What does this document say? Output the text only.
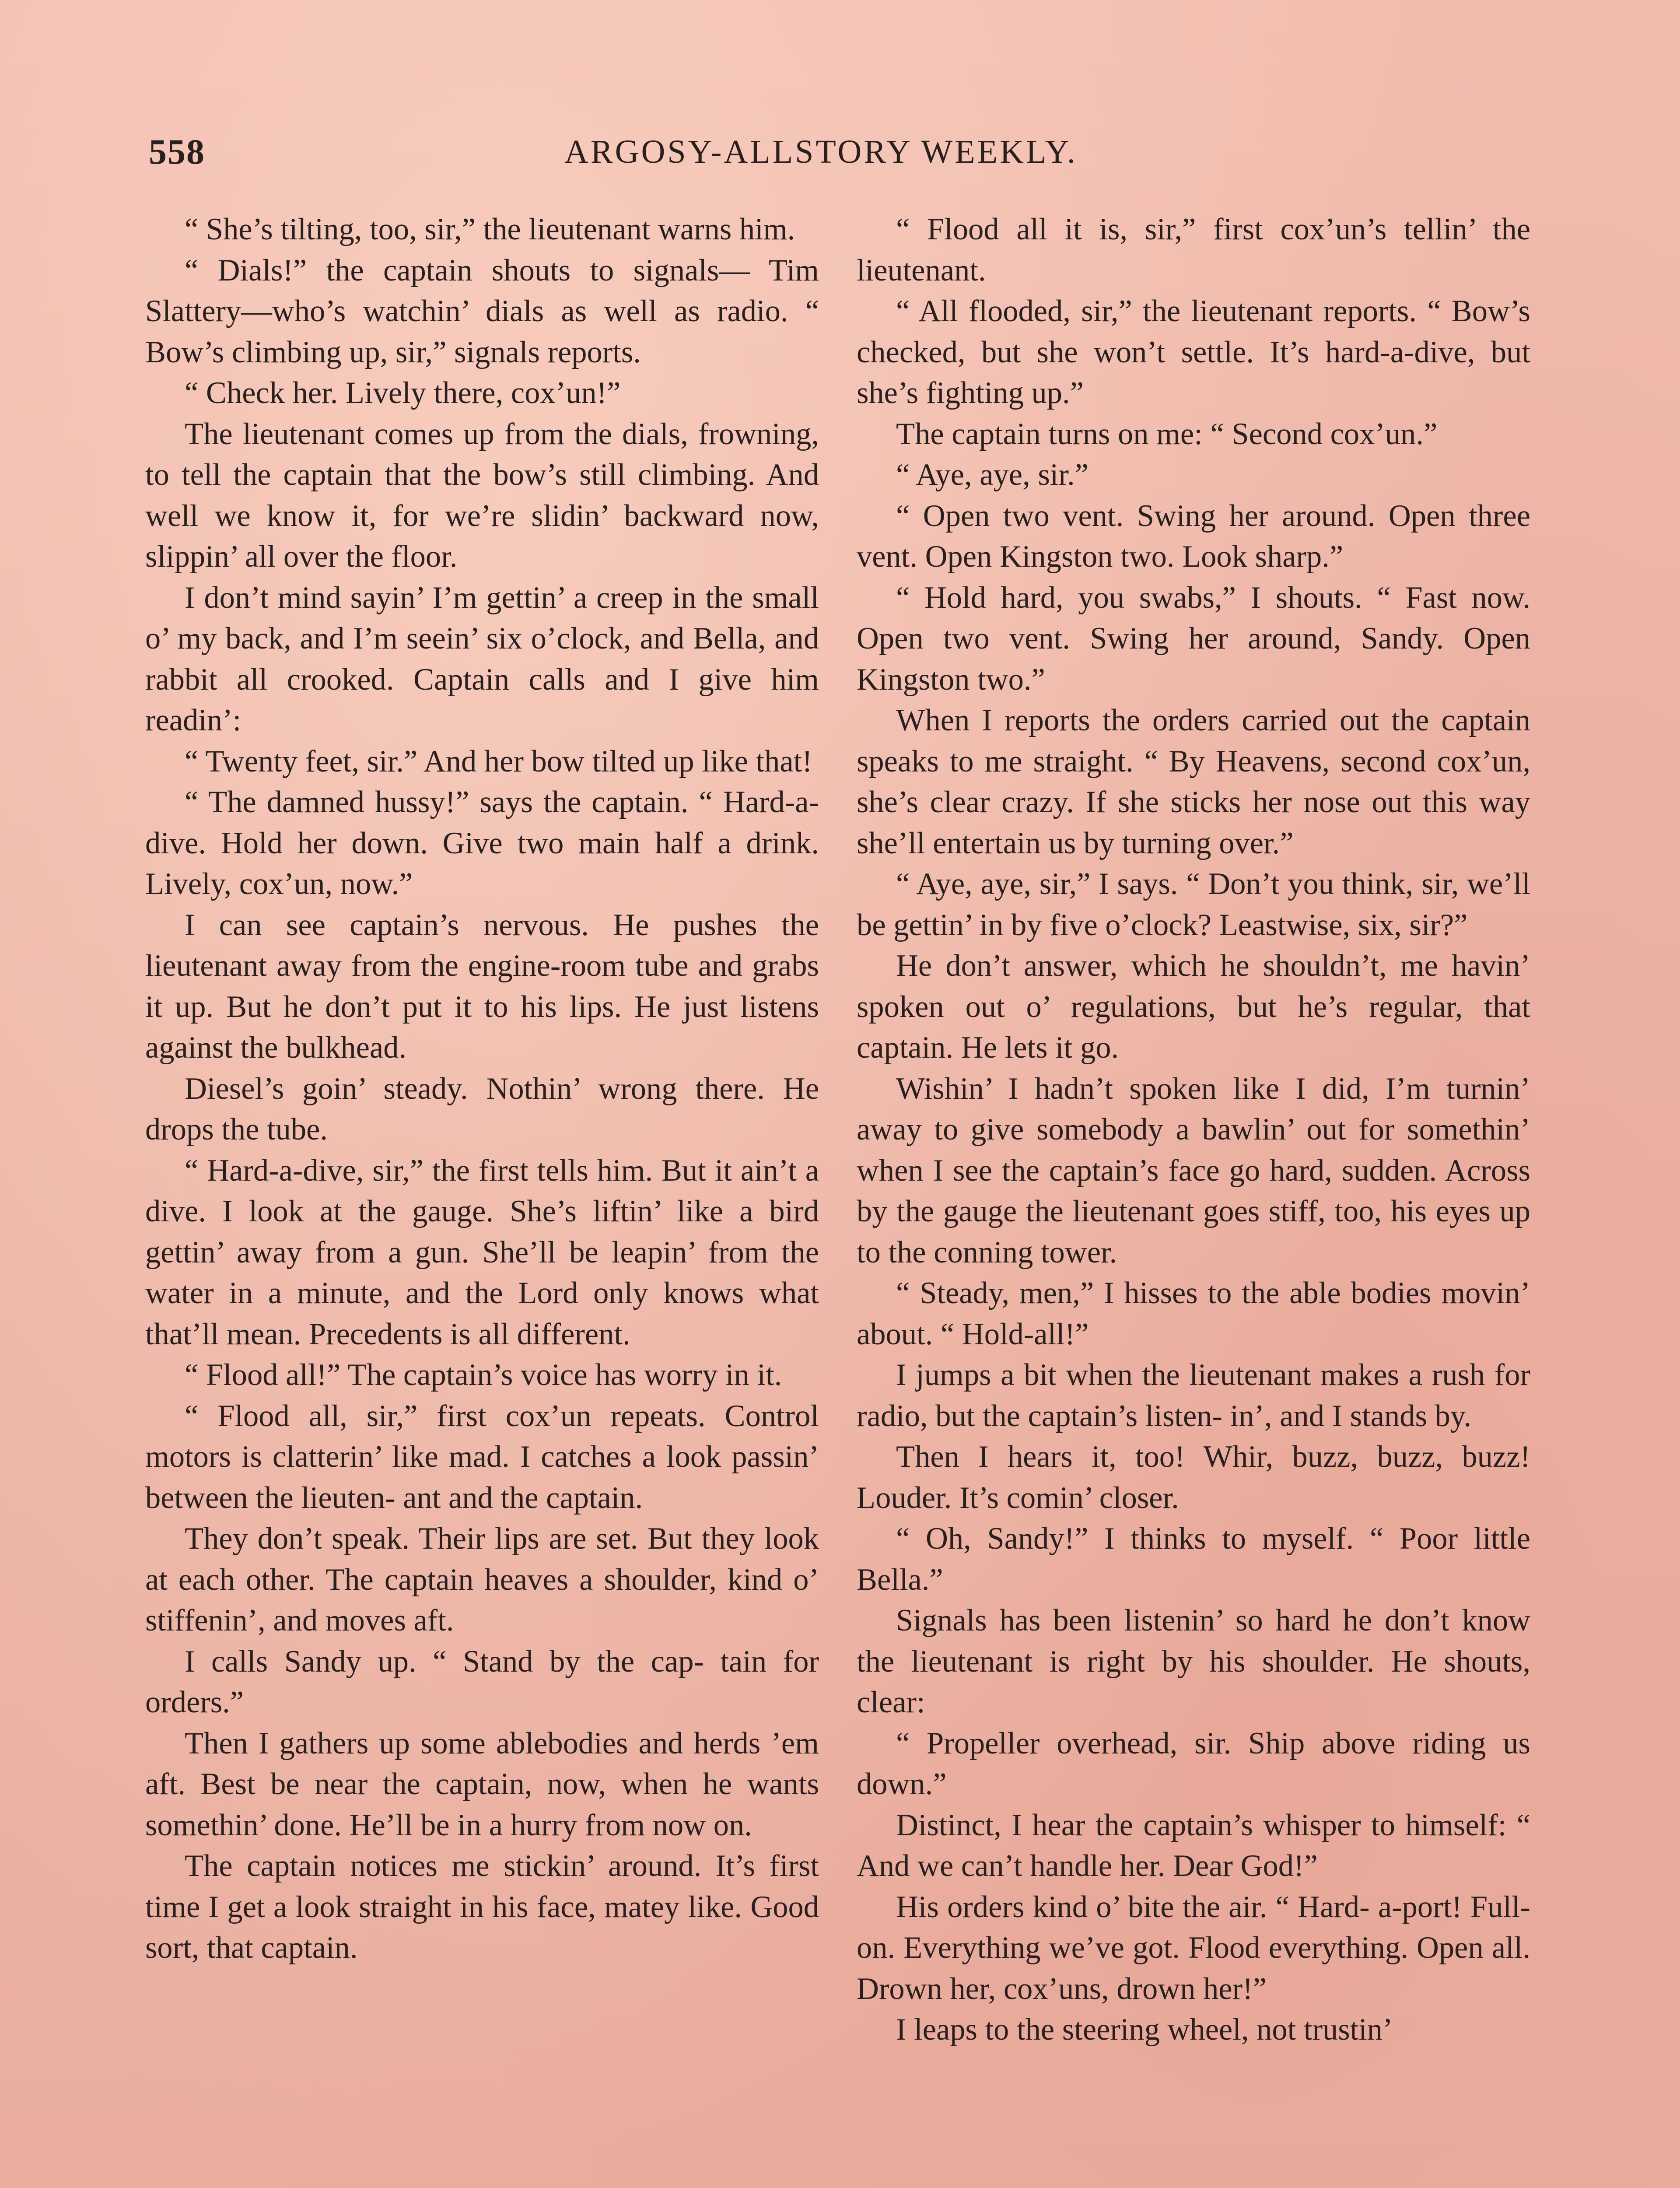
558	ARGOSY-ALLSTORY WEEKLY.

“ She’s tilting, too, sir,” the lieutenant warns him.

“ Dials!” the captain shouts to signals— Tim Slattery—who’s watchin’ dials as well as radio. “ Bow’s climbing up, sir,” signals reports.

“ Check her. Lively there, cox’un!”

The lieutenant comes up from the dials, frowning, to tell the captain that the bow’s still climbing. And well we know it, for we’re slidin’ backward now, slippin’ all over the floor.

I don’t mind sayin’ I’m gettin’ a creep in the small o’ my back, and I’m seein’ six o’clock, and Bella, and rabbit all crooked. Captain calls and I give him readin’:

“ Twenty feet, sir.” And her bow tilted up like that!

“ The damned hussy!” says the captain. “ Hard-a-dive. Hold her down. Give two main half a drink. Lively, cox’un, now.”

I can see captain’s nervous. He pushes the lieutenant away from the engine-room tube and grabs it up. But he don’t put it to his lips. He just listens against the bulkhead.

Diesel’s goin’ steady. Nothin’ wrong there. He drops the tube.

“ Hard-a-dive, sir,” the first tells him. But it ain’t a dive. I look at the gauge. She’s liftin’ like a bird gettin’ away from a gun. She’ll be leapin’ from the water in a minute, and the Lord only knows what that’ll mean. Precedents is all different.

“ Flood all!” The captain’s voice has worry in it.

“ Flood all, sir,” first cox’un repeats. Control motors is clatterin’ like mad. I catches a look passin’ between the lieuten- ant and the captain.

They don’t speak. Their lips are set. But they look at each other. The captain heaves a shoulder, kind o’ stiffenin’, and moves aft.

I calls Sandy up. “ Stand by the cap- tain for orders.”

Then I gathers up some ablebodies and herds ’em aft. Best be near the captain, now, when he wants somethin’ done. He’ll be in a hurry from now on.

The captain notices me stickin’ around. It’s first time I get a look straight in his face, matey like. Good sort, that captain.

“ Flood all it is, sir,” first cox’un’s tellin’ the lieutenant.

“ All flooded, sir,” the lieutenant reports. “ Bow’s checked, but she won’t settle. It’s hard-a-dive, but she’s fighting up.”

The captain turns on me: “ Second cox’un.”

“ Aye, aye, sir.”

“ Open two vent. Swing her around. Open three vent. Open Kingston two. Look sharp.”

“ Hold hard, you swabs,” I shouts. “ Fast now. Open two vent. Swing her around, Sandy. Open Kingston two.”

When I reports the orders carried out the captain speaks to me straight. “ By Heavens, second cox’un, she’s clear crazy. If she sticks her nose out this way she’ll entertain us by turning over.”

“ Aye, aye, sir,” I says. “ Don’t you think, sir, we’ll be gettin’ in by five o’clock? Leastwise, six, sir?”

He don’t answer, which he shouldn’t, me havin’ spoken out o’ regulations, but he’s regular, that captain. He lets it go.

Wishin’ I hadn’t spoken like I did, I’m turnin’ away to give somebody a bawlin’ out for somethin’ when I see the captain’s face go hard, sudden. Across by the gauge the lieutenant goes stiff, too, his eyes up to the conning tower.

“ Steady, men,” I hisses to the able bodies movin’ about. “ Hold-all!”

I jumps a bit when the lieutenant makes a rush for radio, but the captain’s listen- in’, and I stands by.

Then I hears it, too! Whir, buzz, buzz, buzz! Louder. It’s comin’ closer.

“ Oh, Sandy!” I thinks to myself. “ Poor little Bella.”

Signals has been listenin’ so hard he don’t know the lieutenant is right by his shoulder. He shouts, clear:

“ Propeller overhead, sir. Ship above riding us down.”

Distinct, I hear the captain’s whisper to himself: “ And we can’t handle her. Dear God!”

His orders kind o’ bite the air. “ Hard- a-port! Full-on. Everything we’ve got. Flood everything. Open all. Drown her, cox’uns, drown her!”

I leaps to the steering wheel, not trustin’
